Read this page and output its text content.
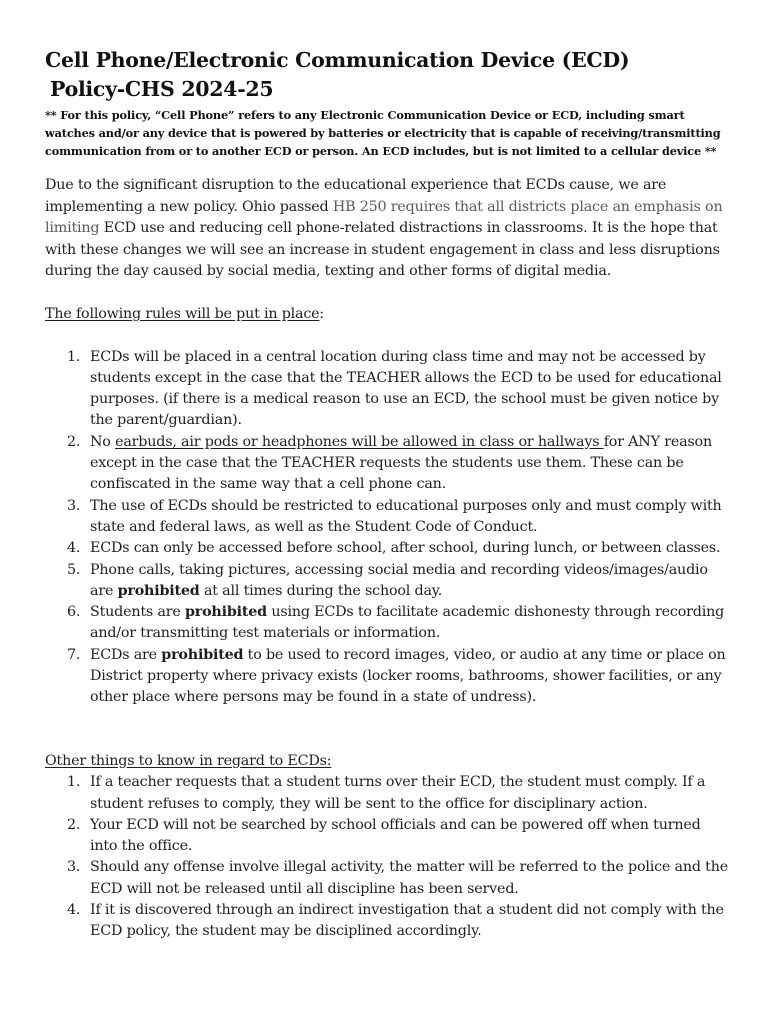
Cell Phone/Electronic Communication Device (ECD)
Policy-CHS 2024-25

** For this policy, “Cell Phone” refers to any Electronic Communication Device or ECD, including smart watches and/or any device that is powered by batteries or electricity that is capable of receiving/transmitting communication from or to another ECD or person. An ECD includes, but is not limited to a cellular device **

Due to the significant disruption to the educational experience that ECDs cause, we are implementing a new policy. Ohio passed HB 250 requires that all districts place an emphasis on limiting ECD use and reducing cell phone-related distractions in classrooms. It is the hope that with these changes we will see an increase in student engagement in class and less disruptions during the day caused by social media, texting and other forms of digital media.

The following rules will be put in place:

1. ECDs will be placed in a central location during class time and may not be accessed by students except in the case that the TEACHER allows the ECD to be used for educational purposes. (if there is a medical reason to use an ECD, the school must be given notice by the parent/guardian).
2. No earbuds, air pods or headphones will be allowed in class or hallways for ANY reason except in the case that the TEACHER requests the students use them. These can be confiscated in the same way that a cell phone can.
3. The use of ECDs should be restricted to educational purposes only and must comply with state and federal laws, as well as the Student Code of Conduct.
4. ECDs can only be accessed before school, after school, during lunch, or between classes.
5. Phone calls, taking pictures, accessing social media and recording videos/images/audio are prohibited at all times during the school day.
6. Students are prohibited using ECDs to facilitate academic dishonesty through recording and/or transmitting test materials or information.
7. ECDs are prohibited to be used to record images, video, or audio at any time or place on District property where privacy exists (locker rooms, bathrooms, shower facilities, or any other place where persons may be found in a state of undress).

Other things to know in regard to ECDs:

1. If a teacher requests that a student turns over their ECD, the student must comply. If a student refuses to comply, they will be sent to the office for disciplinary action.
2. Your ECD will not be searched by school officials and can be powered off when turned into the office.
3. Should any offense involve illegal activity, the matter will be referred to the police and the ECD will not be released until all discipline has been served.
4. If it is discovered through an indirect investigation that a student did not comply with the ECD policy, the student may be disciplined accordingly.
